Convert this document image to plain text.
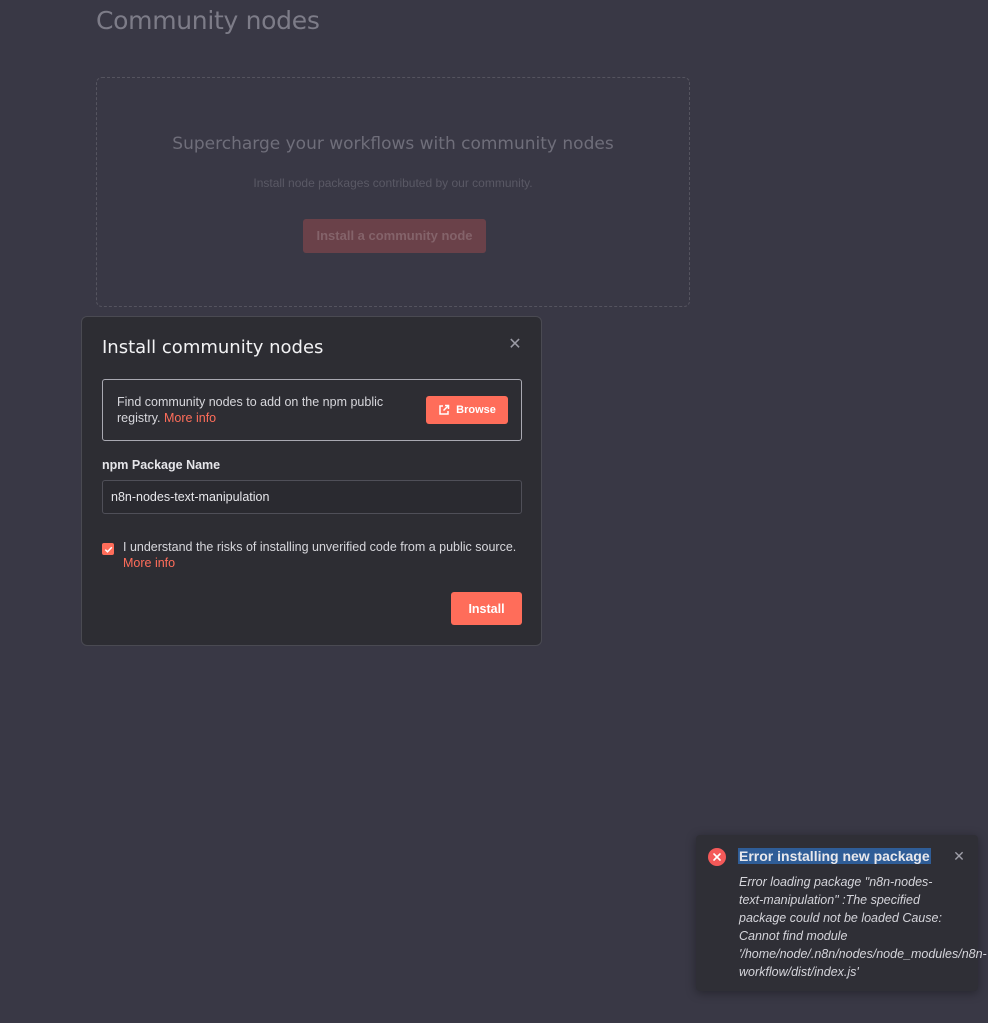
Community nodes
Supercharge your workflows with community nodes
Install node packages contributed by our community.
Install a community node
Install community nodes	✕
Find community nodes to add on the npm public registry. More info
Browse
npm Package Name
n8n-nodes-text-manipulation
I understand the risks of installing unverified code from a public source.
More info
Install
Error installing new package ✕
Error loading package "n8n-nodes-text-manipulation" :The specified package could not be loaded Cause: Cannot find module '/home/node/.n8n/nodes/node_modules/n8n-workflow/dist/index.js'
